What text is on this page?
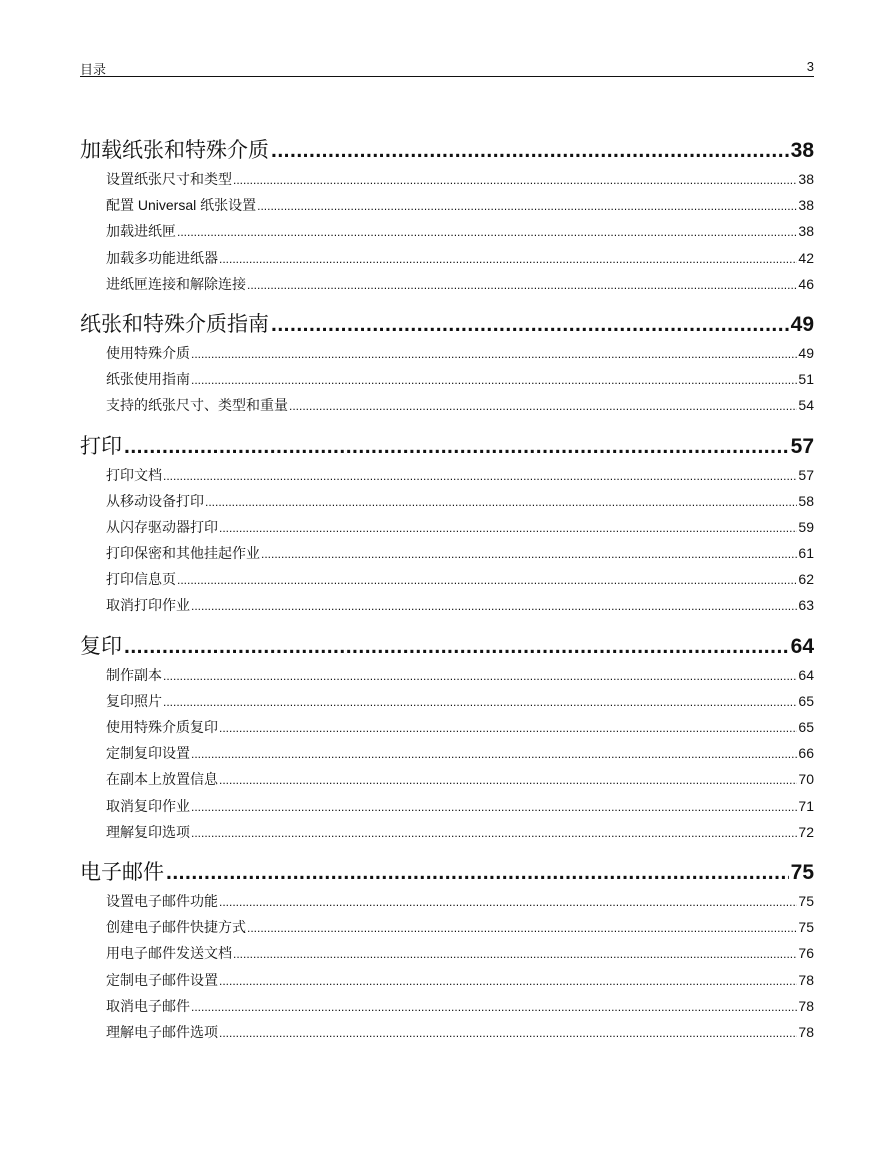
目录	3
加载纸张和特殊介质 .....	38
设置纸张尺寸和类型 .....	38
配置 Universal 纸张设置 .....	38
加载进纸匣 .....	38
加载多功能进纸器 .....	42
进纸匣连接和解除连接 .....	46
纸张和特殊介质指南 .....	49
使用特殊介质 .....	49
纸张使用指南 .....	51
支持的纸张尺寸、类型和重量 .....	54
打印 .....	57
打印文档 .....	57
从移动设备打印 .....	58
从闪存驱动器打印 .....	59
打印保密和其他挂起作业 .....	61
打印信息页 .....	62
取消打印作业 .....	63
复印 .....	64
制作副本 .....	64
复印照片 .....	65
使用特殊介质复印 .....	65
定制复印设置 .....	66
在副本上放置信息 .....	70
取消复印作业 .....	71
理解复印选项 .....	72
电子邮件 .....	75
设置电子邮件功能 .....	75
创建电子邮件快捷方式 .....	75
用电子邮件发送文档 .....	76
定制电子邮件设置 .....	78
取消电子邮件 .....	78
理解电子邮件选项 .....	78
